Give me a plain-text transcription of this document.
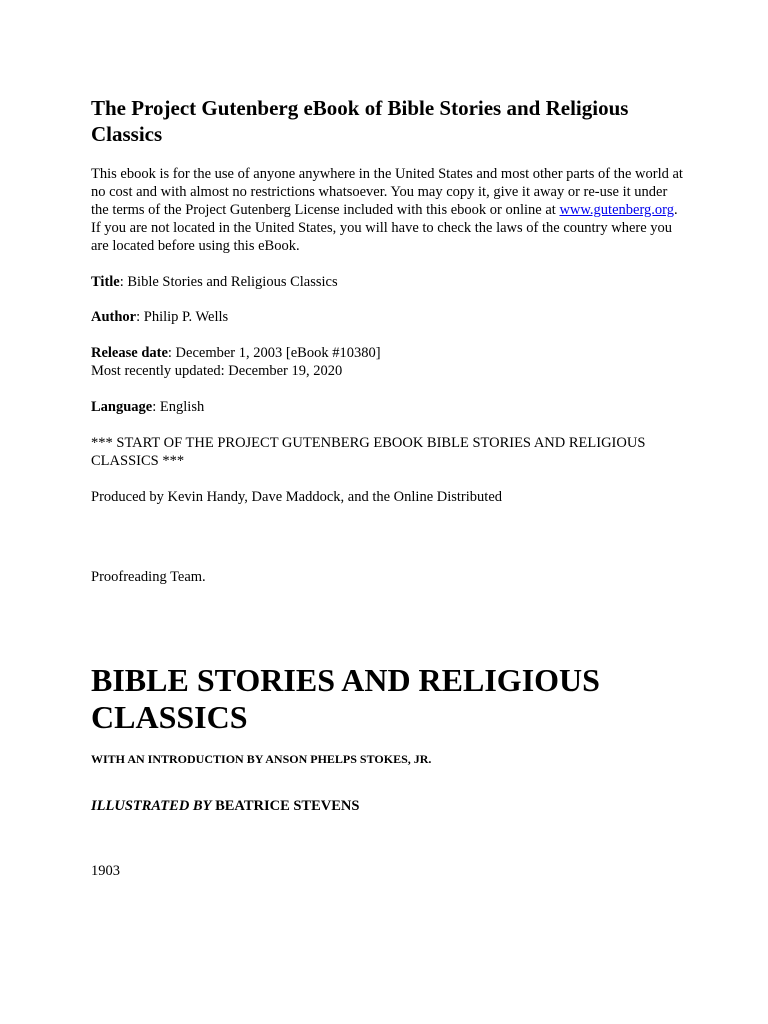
The Project Gutenberg eBook of Bible Stories and Religious Classics

This ebook is for the use of anyone anywhere in the United States and most other parts of the world at no cost and with almost no restrictions whatsoever. You may copy it, give it away or re-use it under the terms of the Project Gutenberg License included with this ebook or online at www.gutenberg.org. If you are not located in the United States, you will have to check the laws of the country where you are located before using this eBook.

Title: Bible Stories and Religious Classics

Author: Philip P. Wells

Release date: December 1, 2003 [eBook #10380]
Most recently updated: December 19, 2020

Language: English

*** START OF THE PROJECT GUTENBERG EBOOK BIBLE STORIES AND RELIGIOUS CLASSICS ***

Produced by Kevin Handy, Dave Maddock, and the Online Distributed

Proofreading Team.

BIBLE STORIES AND RELIGIOUS CLASSICS

WITH AN INTRODUCTION BY ANSON PHELPS STOKES, JR.

ILLUSTRATED BY BEATRICE STEVENS

1903
